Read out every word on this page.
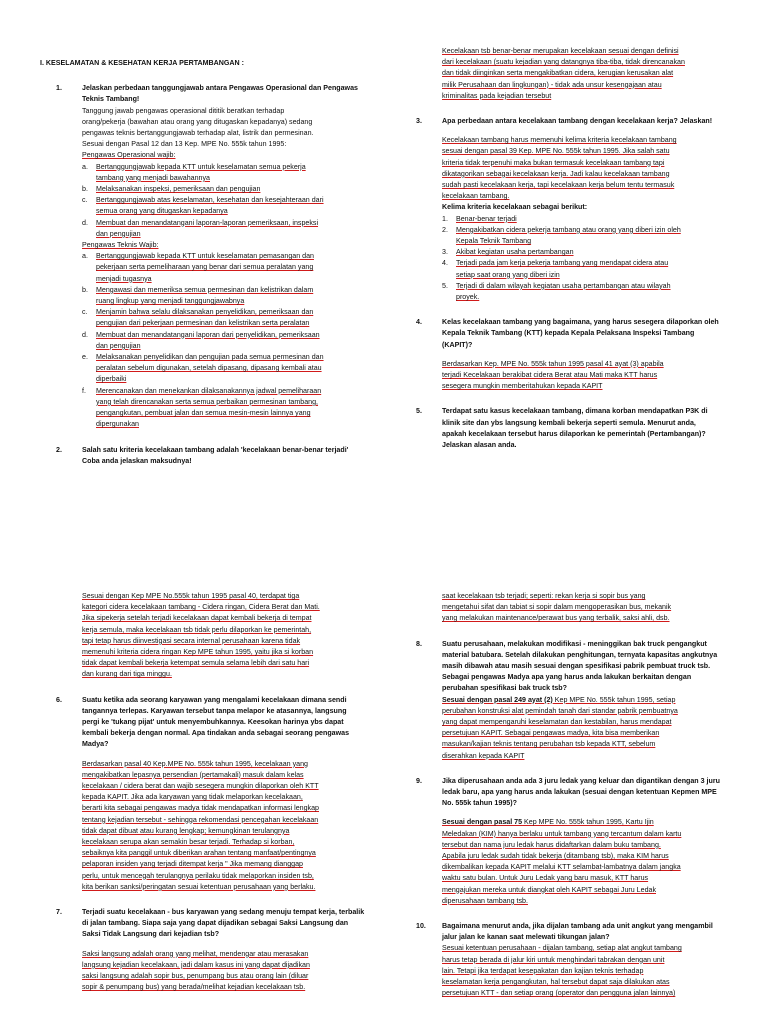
I. KESELAMATAN & KESEHATAN KERJA PERTAMBANGAN :

1.	Jelaskan perbedaan tanggungjawab antara Pengawas Operasional dan Pengawas

Teknis Tambang!

Tanggung jawab pengawas operasional dititik beratkan terhadap

orang/pekerja (bawahan atau orang yang ditugaskan kepadanya) sedang

pengawas teknis bertanggungjawab terhadap alat, listrik dan permesinan.

Sesuai dengan Pasal 12 dan 13 Kep. MPE No. 555k tahun 1995:

Pengawas Operasional wajib:

a.	Bertanggungjawab kepada KTT untuk keselamatan semua pekerja

tambang yang menjadi bawahannya

b.	Melaksanakan inspeksi, pemeriksaan dan pengujian

c.	Bertanggungjawab atas keselamatan, kesehatan dan kesejahteraan dari

semua orang yang ditugaskan kepadanya

d.	Membuat dan menandatangani laporan-laporan pemeriksaan, inspeksi

dan pengujian

Pengawas Teknis Wajib:

a.	Bertanggungjawab kepada KTT untuk keselamatan pemasangan dan

pekerjaan serta pemeliharaan yang benar dari semua peralatan yang

menjadi tugasnya

b.	Mengawasi dan memeriksa semua permesinan dan kelistrikan dalam

ruang lingkup yang menjadi tanggungjawabnya

c.	Menjamin bahwa selalu dilaksanakan penyelidikan, pemeriksaan dan

pengujian dari pekerjaan permesinan dan kelistrikan serta peralatan

d.	Membuat dan menandatangani laporan dari penyelidikan, pemeriksaan

dan pengujian

e.	Melaksanakan penyelidikan dan pengujian pada semua permesinan dan

peralatan sebelum digunakan, setelah dipasang, dipasang kembali atau

diperbaiki

f.	Merencanakan dan menekankan dilaksanakannya jadwal pemeliharaan

yang telah direncanakan serta semua perbaikan permesinan tambang,

pengangkutan, pembuat jalan dan semua mesin-mesin lainnya yang

dipergunakan

2.	Salah satu kriteria kecelakaan tambang adalah 'kecelakaan benar-benar terjadi'

Coba anda jelaskan maksudnya!

Kecelakaan tsb benar-benar merupakan kecelakaan sesuai dengan definisi

dari kecelakaan (suatu kejadian yang datangnya tiba-tiba, tidak direncanakan

dan tidak diinginkan serta mengakibatkan cidera, kerugian kerusakan alat

milik Perusahaan dan lingkungan) - tidak ada unsur kesengajaan atau

kriminalitas pada kejadian tersebut

3.	Apa perbedaan antara kecelakaan tambang dengan kecelakaan kerja? Jelaskan!

Kecelakaan tambang harus memenuhi kelima kriteria kecelakaan tambang

sesuai dengan pasal 39 Kep. MPE No. 555k tahun 1995. Jika salah satu

kriteria tidak terpenuhi maka bukan termasuk kecelakaan tambang tapi

dikatagorikan sebagai kecelakaan kerja. Jadi kalau kecelakaan tambang

sudah pasti kecelakaan kerja, tapi kecelakaan kerja belum tentu termasuk

kecelakaan tambang.

Kelima kriteria kecelakaan sebagai berikut:

1.	Benar-benar terjadi

2.	Mengakibatkan cidera pekerja tambang atau orang yang diberi izin oleh

Kepala Teknik Tambang

3.	Akibat kegiatan usaha pertambangan

4.	Terjadi pada jam kerja pekerja tambang yang mendapat cidera atau

setiap saat orang yang diberi izin

5.	Terjadi di dalam wilayah kegiatan usaha pertambangan atau wilayah

proyek.

4.	Kelas kecelakaan tambang yang bagaimana, yang harus sesegera dilaporkan oleh

Kepala Teknik Tambang (KTT) kepada Kepala Pelaksana Inspeksi Tambang

(KAPIT)?

Berdasarkan Kep. MPE No. 555k tahun 1995 pasal 41 ayat (3) apabila

terjadi Kecelakaan berakibat cidera Berat atau Mati maka KTT harus

sesegera mungkin memberitahukan kepada KAPIT

5.	Terdapat satu kasus kecelakaan tambang, dimana korban mendapatkan P3K di

klinik site dan ybs langsung kembali bekerja seperti semula. Menurut anda,

apakah kecelakaan tersebut harus dilaporkan ke pemerintah (Pertambangan)?

Jelaskan alasan anda.

Sesuai dengan Kep MPE No.555k tahun 1995 pasal 40, terdapat tiga

kategori cidera kecelakaan tambang - Cidera ringan, Cidera Berat dan Mati.

Jika sipekerja setelah terjadi kecelakaan dapat kembali bekerja di tempat

kerja semula, maka kecelakaan tsb tidak perlu dilaporkan ke pemerintah,

tapi tetap harus diinvestigasi secara internal perusahaan karena tidak

memenuhi kriteria cidera ringan Kep MPE tahun 1995, yaitu jika si korban

tidak dapat kembali bekerja ketempat semula selama lebih dari satu hari

dan kurang dari tiga minggu.

6.	Suatu ketika ada seorang karyawan yang mengalami kecelakaan dimana sendi

tangannya terlepas. Karyawan tersebut tanpa melapor ke atasannya, langsung

pergi ke 'tukang pijat' untuk menyembuhkannya. Keesokan harinya ybs dapat

kembali bekerja dengan normal. Apa tindakan anda sebagai seorang pengawas

Madya?

Berdasarkan pasal 40 Kep.MPE No. 555k tahun 1995, kecelakaan yang

mengakibatkan lepasnya persendian (pertamakali) masuk dalam kelas

kecelakaan / cidera berat dan wajib sesegera mungkin dilaporkan oleh KTT

kepada KAPIT. Jika ada karyawan yang tidak melaporkan kecelakaan,

berarti kita sebagai pengawas madya tidak mendapatkan informasi lengkap

tentang kejadian tersebut - sehingga rekomendasi pencegahan kecelakaan

tidak dapat dibuat atau kurang lengkap; kemungkinan terulangnya

kecelakaan serupa akan semakin besar terjadi. Terhadap si korban,

sebaiknya kita panggil untuk diberikan arahan tentang manfaat/pentingnya

pelaporan insiden yang terjadi ditempat kerja " Jika memang dianggap

perlu, untuk mencegah terulangnya perilaku tidak melaporkan insiden tsb,

kita berikan sanksi/peringatan sesuai ketentuan perusahaan yang berlaku.

7.	Terjadi suatu kecelakaan - bus karyawan yang sedang menuju tempat kerja, terbalik

di jalan tambang. Siapa saja yang dapat dijadikan sebagai Saksi Langsung dan

Saksi Tidak Langsung dari kejadian tsb?

Saksi langsung adalah orang yang melihat, mendengar atau merasakan

langsung kejadian kecelakaan, jadi dalam kasus ini yang dapat dijadikan

saksi langsung adalah sopir bus, penumpang bus atau orang lain (diluar

sopir & penumpang bus) yang berada/melihat kejadian kecelakaan tsb.

saat kecelakaan tsb terjadi; seperti: rekan kerja si sopir bus yang

mengetahui sifat dan tabiat si sopir dalam mengoperasikan bus, mekanik

yang melakukan maintenance/perawat bus yang terbalik, saksi ahli, dsb.

8.	Suatu perusahaan, melakukan modifikasi - meninggikan bak truck pengangkut

material batubara. Setelah dilakukan penghitungan, ternyata kapasitas angkutnya

masih dibawah atau masih sesuai dengan spesifikasi pabrik pembuat truck tsb.

Sebagai pengawas Madya apa yang harus anda lakukan berkaitan dengan

perubahan spesifikasi bak truck tsb?

Sesuai dengan pasal 249 ayat (2) Kep MPE No. 555k tahun 1995, setiap

perubahan konstruksi alat pemindah tanah dari standar pabrik pembuatnya

yang dapat mempengaruhi keselamatan dan kestabilan, harus mendapat

persetujuan KAPIT. Sebagai pengawas madya, kita bisa memberikan

masukan/kajian teknis tentang perubahan tsb kepada KTT, sebelum

diserahkan kepada KAPIT

9.	Jika diperusahaan anda ada 3 juru ledak yang keluar dan digantikan dengan 3 juru

ledak baru, apa yang harus anda lakukan (sesuai dengan ketentuan Kepmen MPE

No. 555k tahun 1995)?

Sesuai dengan pasal 75 Kep MPE No. 555k tahun 1995, Kartu Ijin

Meledakan (KIM) hanya berlaku untuk tambang yang tercantum dalam kartu

tersebut dan nama juru ledak harus didaftarkan dalam buku tambang.

Apabila juru ledak sudah tidak bekerja (ditambang tsb), maka KIM harus

dikembalikan kepada KAPIT melalui KTT selambat-lambatnya dalam jangka

waktu satu bulan. Untuk Juru Ledak yang baru masuk, KTT harus

mengajukan mereka untuk diangkat oleh KAPIT sebagai Juru Ledak

diperusahaan tambang tsb.

10.	Bagaimana menurut anda, jika dijalan tambang ada unit angkut yang mengambil

jalur jalan ke kanan saat melewati tikungan jalan?

Sesuai ketentuan perusahaan - dijalan tambang, setiap alat angkut tambang

harus tetap berada di jalur kiri untuk menghindari tabrakan dengan unit

lain. Tetapi jika terdapat kesepakatan dan kajian teknis terhadap

keselamatan kerja pengangkutan, hal tersebut dapat saja dilakukan atas

persetujuan KTT - dan setiap orang (operator dan pengguna jalan lainnya)
